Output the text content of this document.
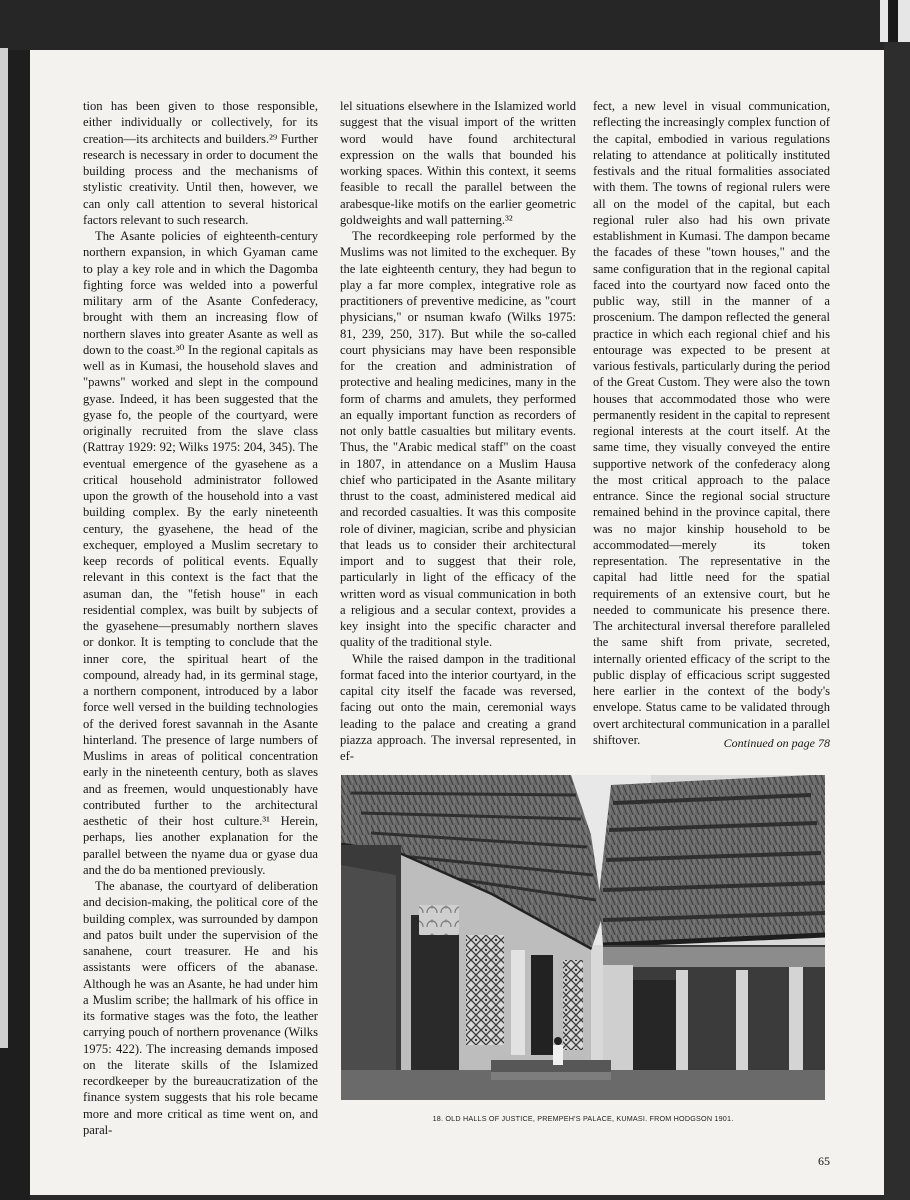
tion has been given to those responsible, either individually or collectively, for its creation—its architects and builders.²⁹ Further research is necessary in order to document the building process and the mechanisms of stylistic creativity. Until then, however, we can only call attention to several historical factors relevant to such research.

The Asante policies of eighteenth-century northern expansion, in which Gyaman came to play a key role and in which the Dagomba fighting force was welded into a powerful military arm of the Asante Confederacy, brought with them an increasing flow of northern slaves into greater Asante as well as down to the coast.³⁰ In the regional capitals as well as in Kumasi, the household slaves and "pawns" worked and slept in the compound gyase. Indeed, it has been suggested that the gyase fo, the people of the courtyard, were originally recruited from the slave class (Rattray 1929: 92; Wilks 1975: 204, 345). The eventual emergence of the gyasehene as a critical household administrator followed upon the growth of the household into a vast building complex. By the early nineteenth century, the gyasehene, the head of the exchequer, employed a Muslim secretary to keep records of political events. Equally relevant in this context is the fact that the asuman dan, the "fetish house" in each residential complex, was built by subjects of the gyasehene—presumably northern slaves or donkor. It is tempting to conclude that the inner core, the spiritual heart of the compound, already had, in its germinal stage, a northern component, introduced by a labor force well versed in the building technologies of the derived forest savannah in the Asante hinterland. The presence of large numbers of Muslims in areas of political concentration early in the nineteenth century, both as slaves and as freemen, would unquestionably have contributed further to the architectural aesthetic of their host culture.³¹ Herein, perhaps, lies another explanation for the parallel between the nyame dua or gyase dua and the do ba mentioned previously.

The abanase, the courtyard of deliberation and decision-making, the political core of the building complex, was surrounded by dampon and patos built under the supervision of the sanahene, court treasurer. He and his assistants were officers of the abanase. Although he was an Asante, he had under him a Muslim scribe; the hallmark of his office in its formative stages was the foto, the leather carrying pouch of northern provenance (Wilks 1975: 422). The increasing demands imposed on the literate skills of the Islamized recordkeeper by the bureaucratization of the finance system suggests that his role became more and more critical as time went on, and paral-

lel situations elsewhere in the Islamized world suggest that the visual import of the written word would have found architectural expression on the walls that bounded his working spaces. Within this context, it seems feasible to recall the parallel between the arabesque-like motifs on the earlier geometric goldweights and wall patterning.³²

The recordkeeping role performed by the Muslims was not limited to the exchequer. By the late eighteenth century, they had begun to play a far more complex, integrative role as practitioners of preventive medicine, as "court physicians," or nsuman kwafo (Wilks 1975: 81, 239, 250, 317). But while the so-called court physicians may have been responsible for the creation and administration of protective and healing medicines, many in the form of charms and amulets, they performed an equally important function as recorders of not only battle casualties but military events. Thus, the "Arabic medical staff" on the coast in 1807, in attendance on a Muslim Hausa chief who participated in the Asante military thrust to the coast, administered medical aid and recorded casualties. It was this composite role of diviner, magician, scribe and physician that leads us to consider their architectural import and to suggest that their role, particularly in light of the efficacy of the written word as visual communication in both a religious and a secular context, provides a key insight into the specific character and quality of the traditional style.

While the raised dampon in the traditional format faced into the interior courtyard, in the capital city itself the facade was reversed, facing out onto the main, ceremonial ways leading to the palace and creating a grand piazza approach. The inversal represented, in ef-

fect, a new level in visual communication, reflecting the increasingly complex function of the capital, embodied in various regulations relating to attendance at politically instituted festivals and the ritual formalities associated with them. The towns of regional rulers were all on the model of the capital, but each regional ruler also had his own private establishment in Kumasi. The dampon became the facades of these "town houses," and the same configuration that in the regional capital faced into the courtyard now faced onto the public way, still in the manner of a proscenium. The dampon reflected the general practice in which each regional chief and his entourage was expected to be present at various festivals, particularly during the period of the Great Custom. They were also the town houses that accommodated those who were permanently resident in the capital to represent regional interests at the court itself. At the same time, they visually conveyed the entire supportive network of the confederacy along the most critical approach to the palace entrance. Since the regional social structure remained behind in the province capital, there was no major kinship household to be accommodated—merely its token representation. The representative in the capital had little need for the spatial requirements of an extensive court, but he needed to communicate his presence there. The architectural inversal therefore paralleled the same shift from private, secreted, internally oriented efficacy of the script to the public display of efficacious script suggested here earlier in the context of the body's envelope. Status came to be validated through overt architectural communication in a parallel shiftover.	Continued on page 78
18. OLD HALLS OF JUSTICE, PREMPEH'S PALACE, KUMASI. FROM HODGSON 1901.
65
